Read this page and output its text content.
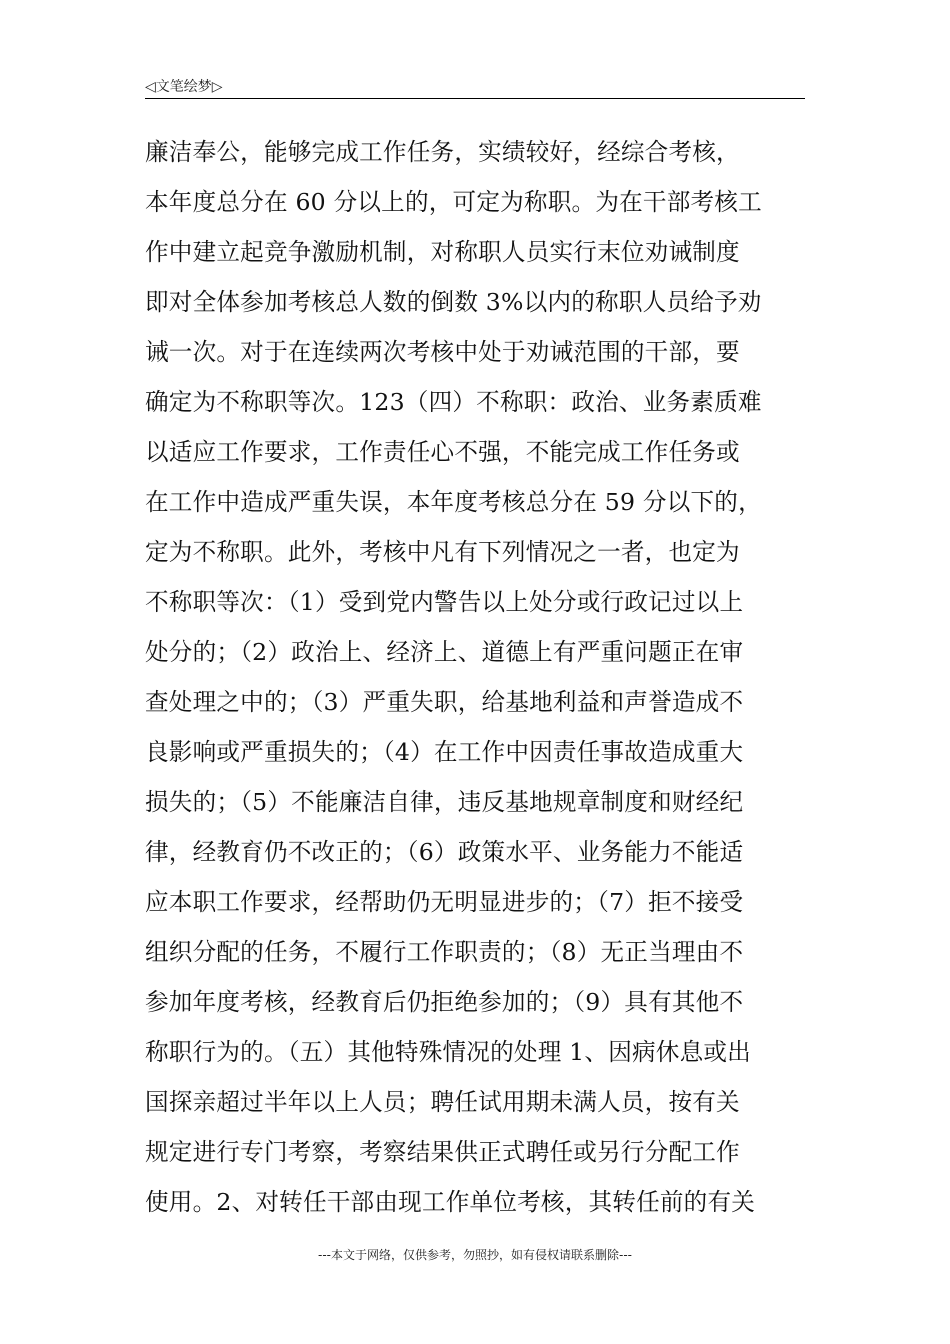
◁文笔绘梦▷
廉洁奉公，能够完成工作任务，实绩较好，经综合考核，
本年度总分在 60 分以上的，可定为称职。为在干部考核工
作中建立起竞争激励机制，对称职人员实行末位劝诫制度
即对全体参加考核总人数的倒数 3%以内的称职人员给予劝
诫一次。对于在连续两次考核中处于劝诫范围的干部，要
确定为不称职等次。123（四）不称职：政治、业务素质难
以适应工作要求，工作责任心不强，不能完成工作任务或
在工作中造成严重失误，本年度考核总分在 59 分以下的，
定为不称职。此外，考核中凡有下列情况之一者，也定为
不称职等次：（1）受到党内警告以上处分或行政记过以上
处分的；（2）政治上、经济上、道德上有严重问题正在审
查处理之中的；（3）严重失职，给基地利益和声誉造成不
良影响或严重损失的；（4）在工作中因责任事故造成重大
损失的；（5）不能廉洁自律，违反基地规章制度和财经纪
律，经教育仍不改正的；（6）政策水平、业务能力不能适
应本职工作要求，经帮助仍无明显进步的；（7）拒不接受
组织分配的任务，不履行工作职责的；（8）无正当理由不
参加年度考核，经教育后仍拒绝参加的；（9）具有其他不
称职行为的。（五）其他特殊情况的处理 1、因病休息或出
国探亲超过半年以上人员；聘任试用期未满人员，按有关
规定进行专门考察，考察结果供正式聘任或另行分配工作
使用。2、对转任干部由现工作单位考核，其转任前的有关
---本文于网络，仅供参考，勿照抄，如有侵权请联系删除---
